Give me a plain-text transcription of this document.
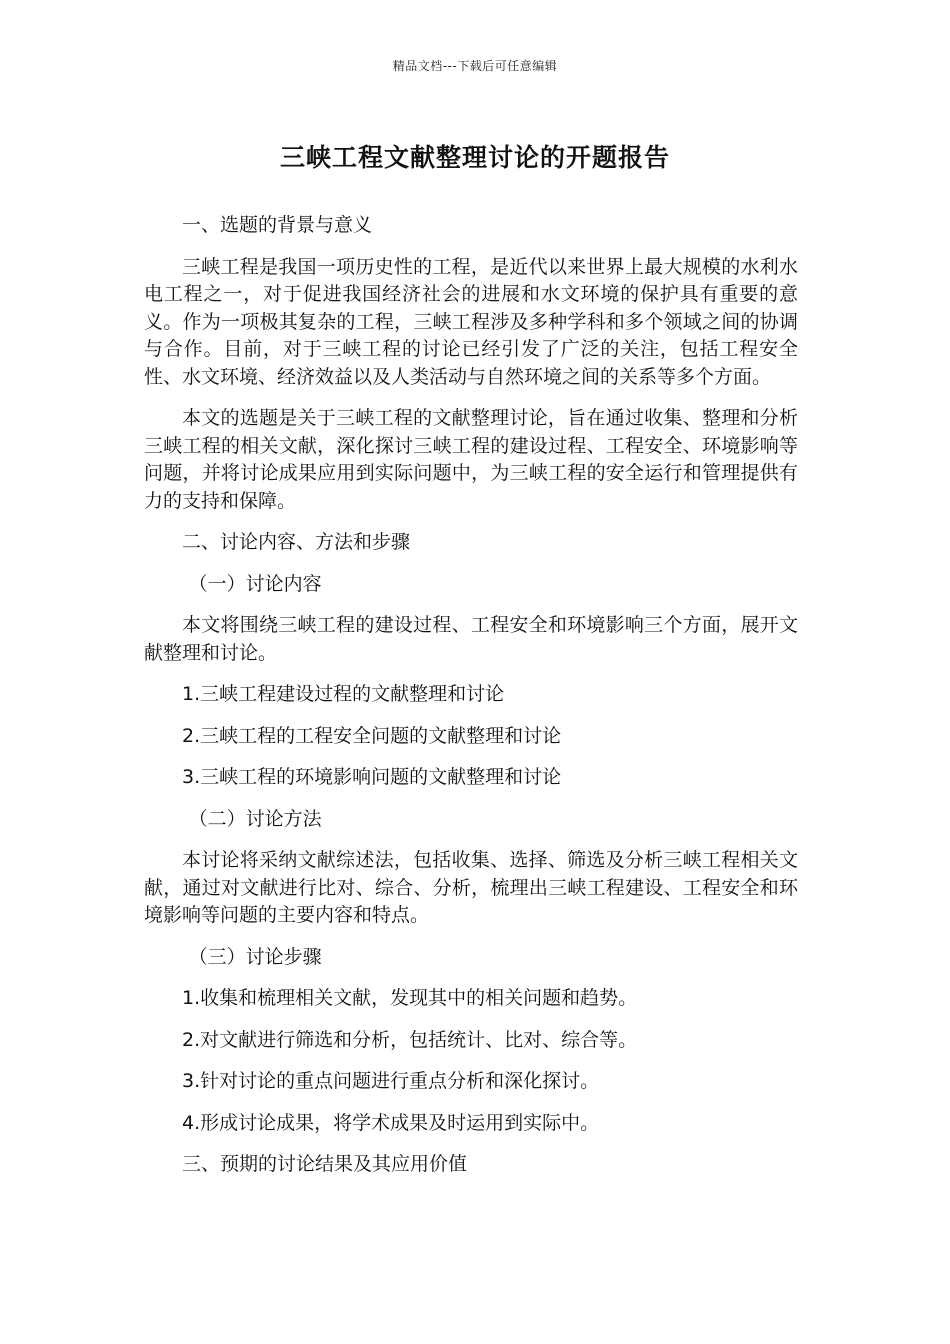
精品文档---下载后可任意编辑
三峡工程文献整理讨论的开题报告

一、选题的背景与意义

三峡工程是我国一项历史性的工程，是近代以来世界上最大规模的水利水电工程之一，对于促进我国经济社会的进展和水文环境的保护具有重要的意义。作为一项极其复杂的工程，三峡工程涉及多种学科和多个领域之间的协调与合作。目前，对于三峡工程的讨论已经引发了广泛的关注，包括工程安全性、水文环境、经济效益以及人类活动与自然环境之间的关系等多个方面。

本文的选题是关于三峡工程的文献整理讨论，旨在通过收集、整理和分析三峡工程的相关文献，深化探讨三峡工程的建设过程、工程安全、环境影响等问题，并将讨论成果应用到实际问题中，为三峡工程的安全运行和管理提供有力的支持和保障。

二、讨论内容、方法和步骤

（一）讨论内容

本文将围绕三峡工程的建设过程、工程安全和环境影响三个方面，展开文献整理和讨论。

1.三峡工程建设过程的文献整理和讨论

2.三峡工程的工程安全问题的文献整理和讨论

3.三峡工程的环境影响问题的文献整理和讨论

（二）讨论方法

本讨论将采纳文献综述法，包括收集、选择、筛选及分析三峡工程相关文献，通过对文献进行比对、综合、分析，梳理出三峡工程建设、工程安全和环境影响等问题的主要内容和特点。

（三）讨论步骤

1.收集和梳理相关文献，发现其中的相关问题和趋势。

2.对文献进行筛选和分析，包括统计、比对、综合等。

3.针对讨论的重点问题进行重点分析和深化探讨。

4.形成讨论成果，将学术成果及时运用到实际中。

三、预期的讨论结果及其应用价值
